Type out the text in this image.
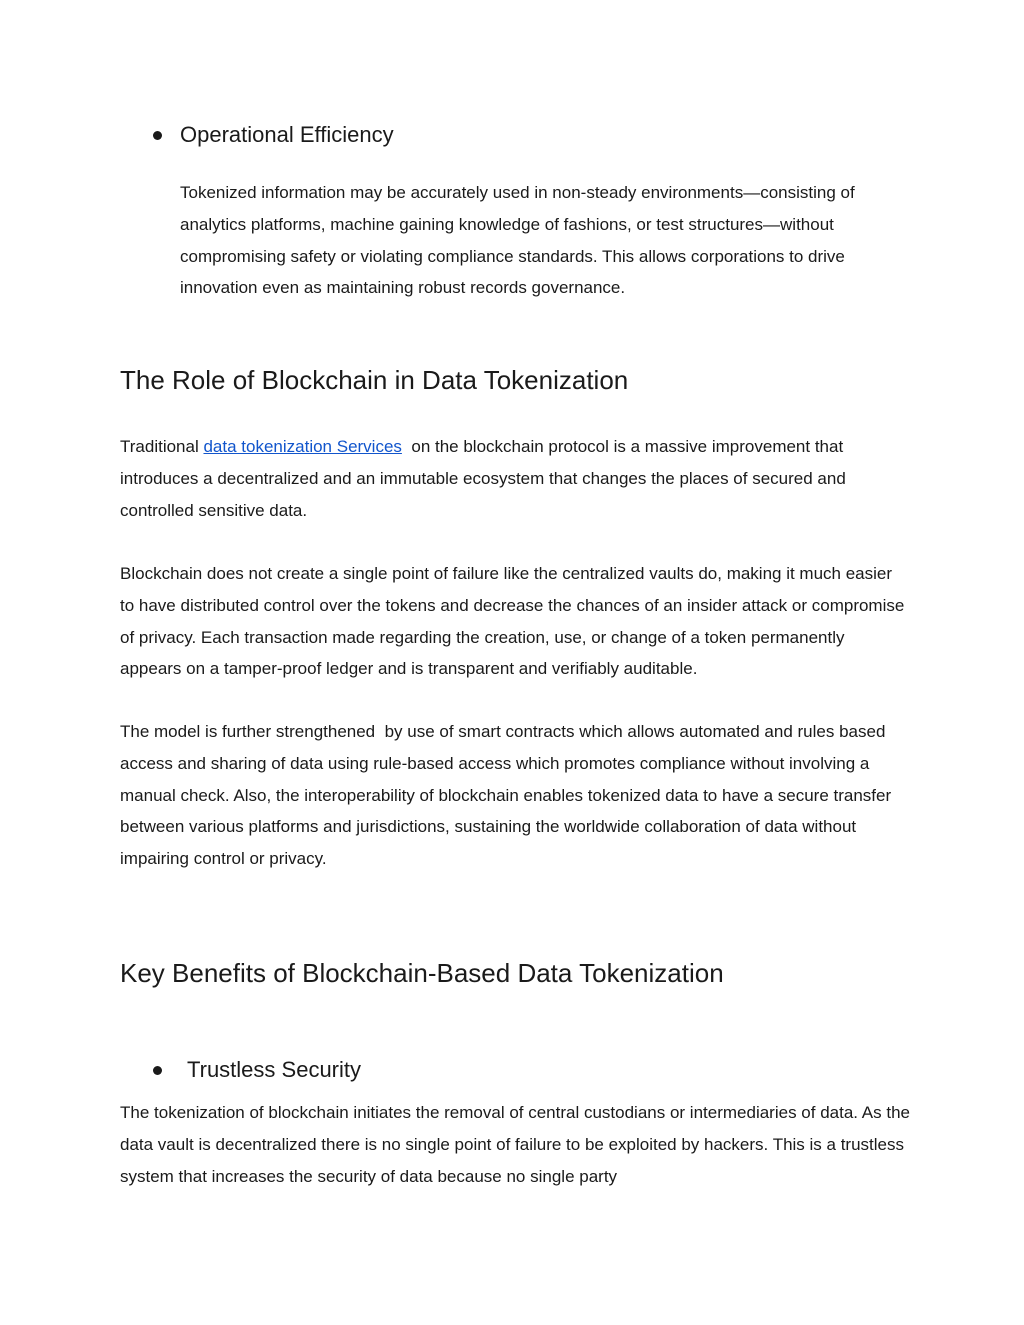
Operational Efficiency

Tokenized information may be accurately used in non-steady environments—consisting of analytics platforms, machine gaining knowledge of fashions, or test structures—without compromising safety or violating compliance standards. This allows corporations to drive innovation even as maintaining robust records governance.

The Role of Blockchain in Data Tokenization

Traditional data tokenization Services  on the blockchain protocol is a massive improvement that introduces a decentralized and an immutable ecosystem that changes the places of secured and controlled sensitive data.

Blockchain does not create a single point of failure like the centralized vaults do, making it much easier to have distributed control over the tokens and decrease the chances of an insider attack or compromise of privacy. Each transaction made regarding the creation, use, or change of a token permanently appears on a tamper-proof ledger and is transparent and verifiably auditable.

The model is further strengthened  by use of smart contracts which allows automated and rules based access and sharing of data using rule-based access which promotes compliance without involving a manual check. Also, the interoperability of blockchain enables tokenized data to have a secure transfer between various platforms and jurisdictions, sustaining the worldwide collaboration of data without impairing control or privacy.

Key Benefits of Blockchain-Based Data Tokenization
Trustless Security

The tokenization of blockchain initiates the removal of central custodians or intermediaries of data. As the data vault is decentralized there is no single point of failure to be exploited by hackers. This is a trustless system that increases the security of data because no single party
